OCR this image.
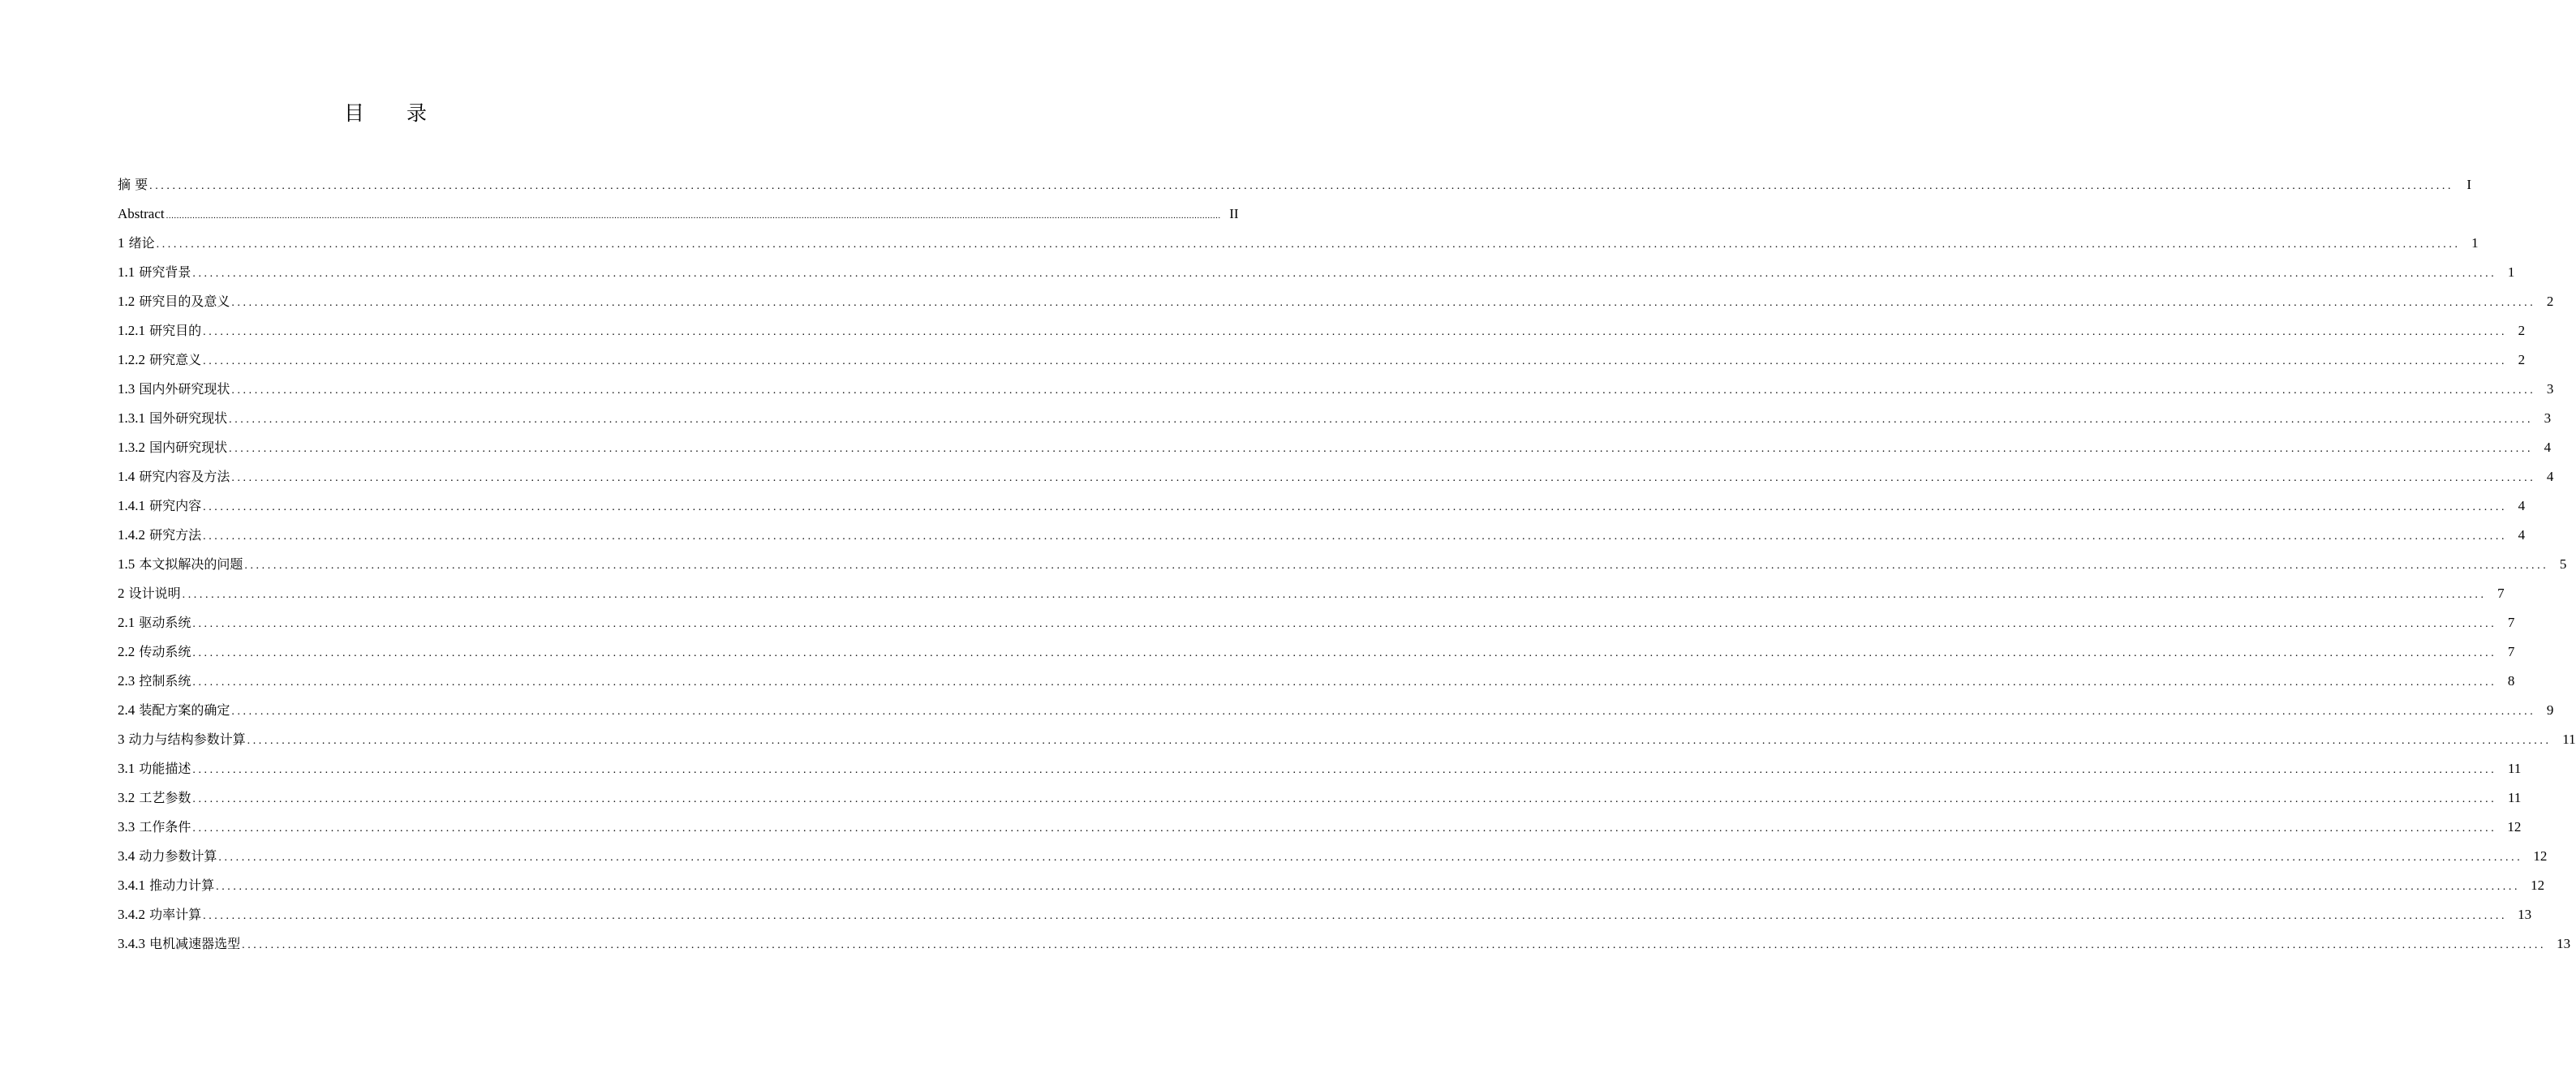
目 录
摘 要 ................................................................................................................................................................................................................................................................................................................................................................................................................ I
Abstract ................................................................................................................................................................................................................................................................................................................................................................................................................ II
1 绪论 ................................................................................................................................................................................................................................................................................................................................................................................................................ 1
1.1 研究背景 ................................................................................................................................................................................................................................................................................................................................................................................................................ 1
1.2 研究目的及意义 ................................................................................................................................................................................................................................................................................................................................................................................................................ 2
1.2.1 研究目的 ................................................................................................................................................................................................................................................................................................................................................................................................................ 2
1.2.2 研究意义 ................................................................................................................................................................................................................................................................................................................................................................................................................ 2
1.3 国内外研究现状 ................................................................................................................................................................................................................................................................................................................................................................................................................ 3
1.3.1 国外研究现状 ................................................................................................................................................................................................................................................................................................................................................................................................................ 3
1.3.2 国内研究现状 ................................................................................................................................................................................................................................................................................................................................................................................................................ 4
1.4 研究内容及方法 ................................................................................................................................................................................................................................................................................................................................................................................................................ 4
1.4.1 研究内容 ................................................................................................................................................................................................................................................................................................................................................................................................................ 4
1.4.2 研究方法 ................................................................................................................................................................................................................................................................................................................................................................................................................ 4
1.5 本文拟解决的问题 ................................................................................................................................................................................................................................................................................................................................................................................................................ 5
2 设计说明 ................................................................................................................................................................................................................................................................................................................................................................................................................ 7
2.1 驱动系统 ................................................................................................................................................................................................................................................................................................................................................................................................................ 7
2.2 传动系统 ................................................................................................................................................................................................................................................................................................................................................................................................................ 7
2.3 控制系统 ................................................................................................................................................................................................................................................................................................................................................................................................................ 8
2.4 装配方案的确定 ................................................................................................................................................................................................................................................................................................................................................................................................................ 9
3 动力与结构参数计算 ................................................................................................................................................................................................................................................................................................................................................................................................................ 11
3.1 功能描述 ................................................................................................................................................................................................................................................................................................................................................................................................................ 11
3.2 工艺参数 ................................................................................................................................................................................................................................................................................................................................................................................................................ 11
3.3 工作条件 ................................................................................................................................................................................................................................................................................................................................................................................................................ 12
3.4 动力参数计算 ................................................................................................................................................................................................................................................................................................................................................................................................................ 12
3.4.1 推动力计算 ................................................................................................................................................................................................................................................................................................................................................................................................................ 12
3.4.2 功率计算 ................................................................................................................................................................................................................................................................................................................................................................................................................ 13
3.4.3 电机减速器选型 ................................................................................................................................................................................................................................................................................................................................................................................................................ 13
